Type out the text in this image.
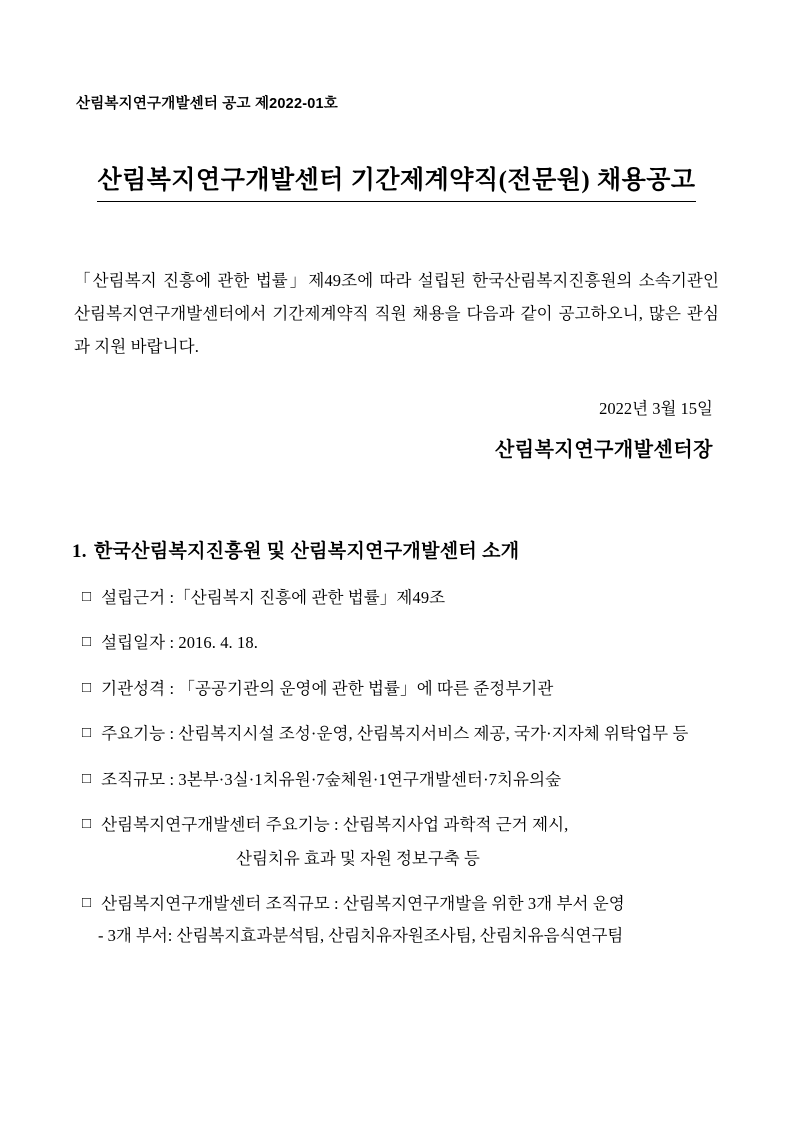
산림복지연구개발센터 공고 제2022-01호
산림복지연구개발센터 기간제계약직(전문원) 채용공고

「산림복지 진흥에 관한 법률」제49조에 따라 설립된 한국산림복지진흥원의 소속기관인 산림복지연구개발센터에서 기간제계약직 직원 채용을 다음과 같이 공고하오니, 많은 관심과 지원 바랍니다.

2022년 3월 15일
산림복지연구개발센터장
1. 한국산림복지진흥원 및 산림복지연구개발센터 소개
□ 설립근거 :「산림복지 진흥에 관한 법률」제49조
□ 설립일자 : 2016. 4. 18.
□ 기관성격 : 「공공기관의 운영에 관한 법률」에 따른 준정부기관
□ 주요기능 : 산림복지시설 조성·운영, 산림복지서비스 제공, 국가·지자체 위탁업무 등
□ 조직규모 : 3본부·3실·1치유원·7숲체원·1연구개발센터·7치유의숲
□ 산림복지연구개발센터 주요기능 : 산림복지사업 과학적 근거 제시,
산림치유 효과 및 자원 정보구축 등
□ 산림복지연구개발센터 조직규모 : 산림복지연구개발을 위한 3개 부서 운영
- 3개 부서: 산림복지효과분석팀, 산림치유자원조사팀, 산림치유음식연구팀
